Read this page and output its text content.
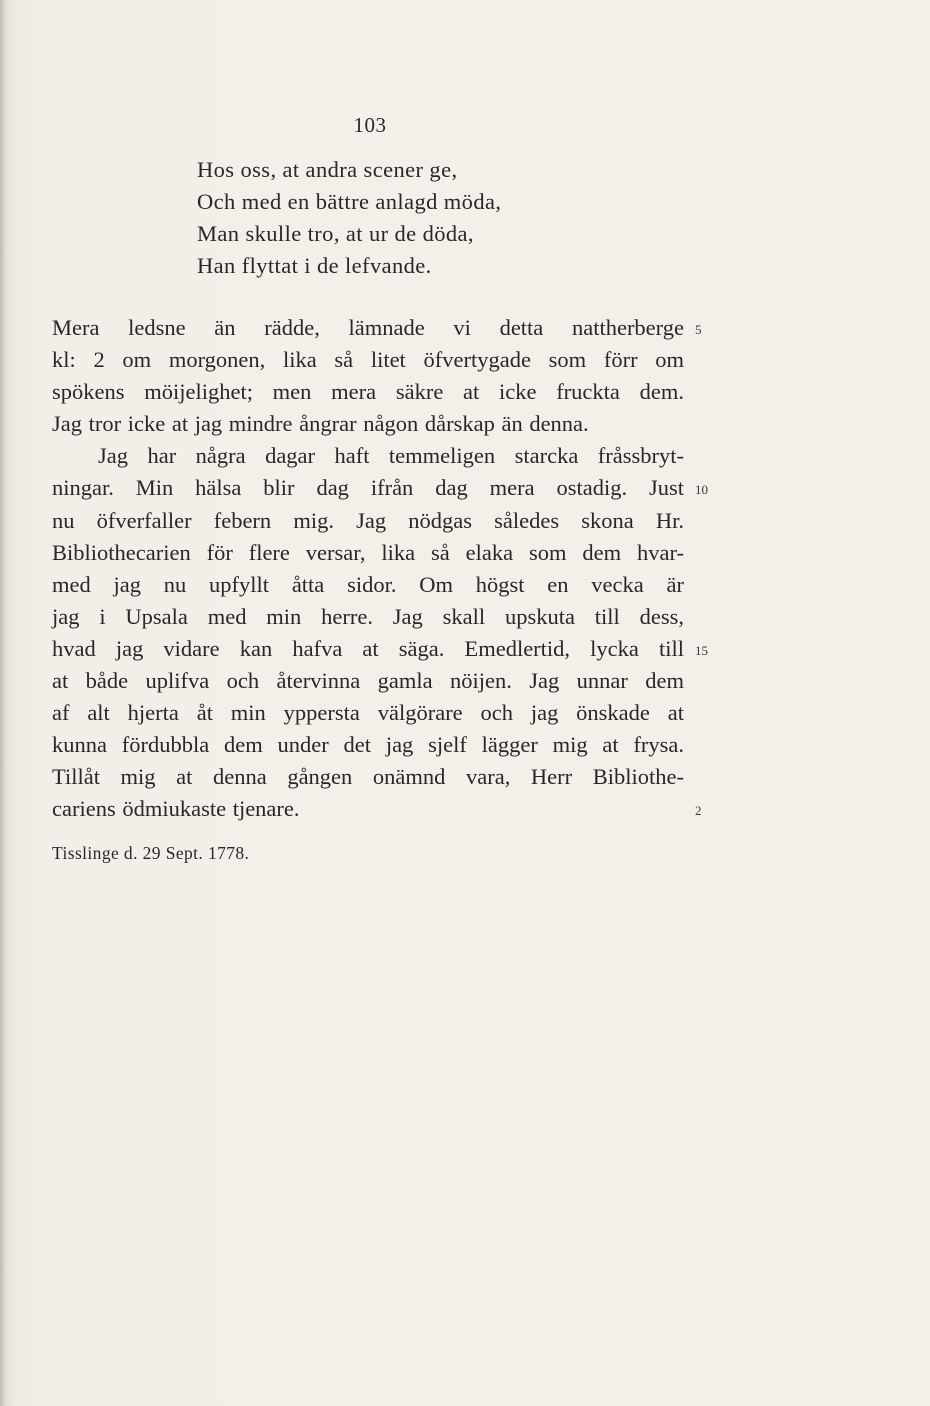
103
Hos oss, at andra scener ge,
Och med en bättre anlagd möda,
Man skulle tro, at ur de döda,
Han flyttat i de lefvande.
Mera ledsne än rädde, lämnade vi detta nattherberge 5
kl: 2 om morgonen, lika så litet öfvertygade som förr om
spökens möijelighet; men mera säkre at icke fruckta dem.
Jag tror icke at jag mindre ångrar någon dårskap än denna.
Jag har några dagar haft temmeligen starcka fråssbryt-
ningar. Min hälsa blir dag ifrån dag mera ostadig. Just 10
nu öfverfaller febern mig. Jag nödgas således skona Hr.
Bibliothecarien för flere versar, lika så elaka som dem hvar-
med jag nu upfyllt åtta sidor. Om högst en vecka är
jag i Upsala med min herre. Jag skall upskuta till dess,
hvad jag vidare kan hafva at säga. Emedlertid, lycka till 15
at både uplifva och återvinna gamla nöijen. Jag unnar dem
af alt hjerta åt min yppersta välgörare och jag önskade at
kunna fördubbla dem under det jag sjelf lägger mig at frysa.
Tillåt mig at denna gången onämnd vara, Herr Bibliothe-
cariens ödmiukaste tjenare.	2
Tisslinge d. 29 Sept. 1778.
